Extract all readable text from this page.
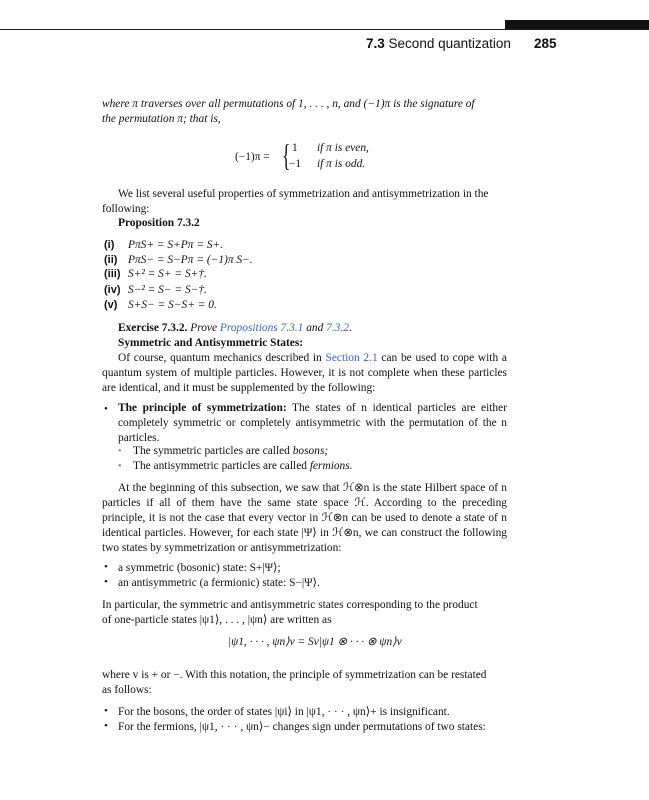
7.3 Second quantization 285
where π traverses over all permutations of 1, . . . , n, and (−1)π is the signature of
the permutation π; that is,
(−1)π = { 1 if π is even,
−1 if π is odd.
We list several useful properties of symmetrization and antisymmetrization in the
following:
Proposition 7.3.2
(i) PπS+ = S+Pπ = S+.
(ii) PπS− = S−Pπ = (−1)π S−.
(iii) S+² = S+ = S+†.
(iv) S−² = S− = S−†.
(v) S+S− = S−S+ = 0.
Exercise 7.3.2. Prove Propositions 7.3.1 and 7.3.2.
Symmetric and Antisymmetric States:
Of course, quantum mechanics described in Section 2.1 can be used to cope with a quantum system of multiple particles. However, it is not complete when these particles are identical, and it must be supplemented by the following:
• The principle of symmetrization: The states of n identical particles are either completely symmetric or completely antisymmetric with the permutation of the n particles.
• The symmetric particles are called bosons;
• The antisymmetric particles are called fermions.
At the beginning of this subsection, we saw that ℋ⊗n is the state Hilbert space of n particles if all of them have the same state space ℋ. According to the preceding principle, it is not the case that every vector in ℋ⊗n can be used to denote a state of n identical particles. However, for each state |Ψ⟩ in ℋ⊗n, we can construct the following two states by symmetrization or antisymmetrization:
• a symmetric (bosonic) state: S+|Ψ⟩;
• an antisymmetric (a fermionic) state: S−|Ψ⟩.
In particular, the symmetric and antisymmetric states corresponding to the product
of one-particle states |ψ1⟩, . . . , |ψn⟩ are written as
|ψ1, · · · , ψn⟩v = Sv|ψ1 ⊗ · · · ⊗ ψn⟩v
where v is + or −. With this notation, the principle of symmetrization can be restated
as follows:
• For the bosons, the order of states |ψi⟩ in |ψ1, · · · , ψn⟩+ is insignificant.
• For the fermions, |ψ1, · · · , ψn⟩− changes sign under permutations of two states:
